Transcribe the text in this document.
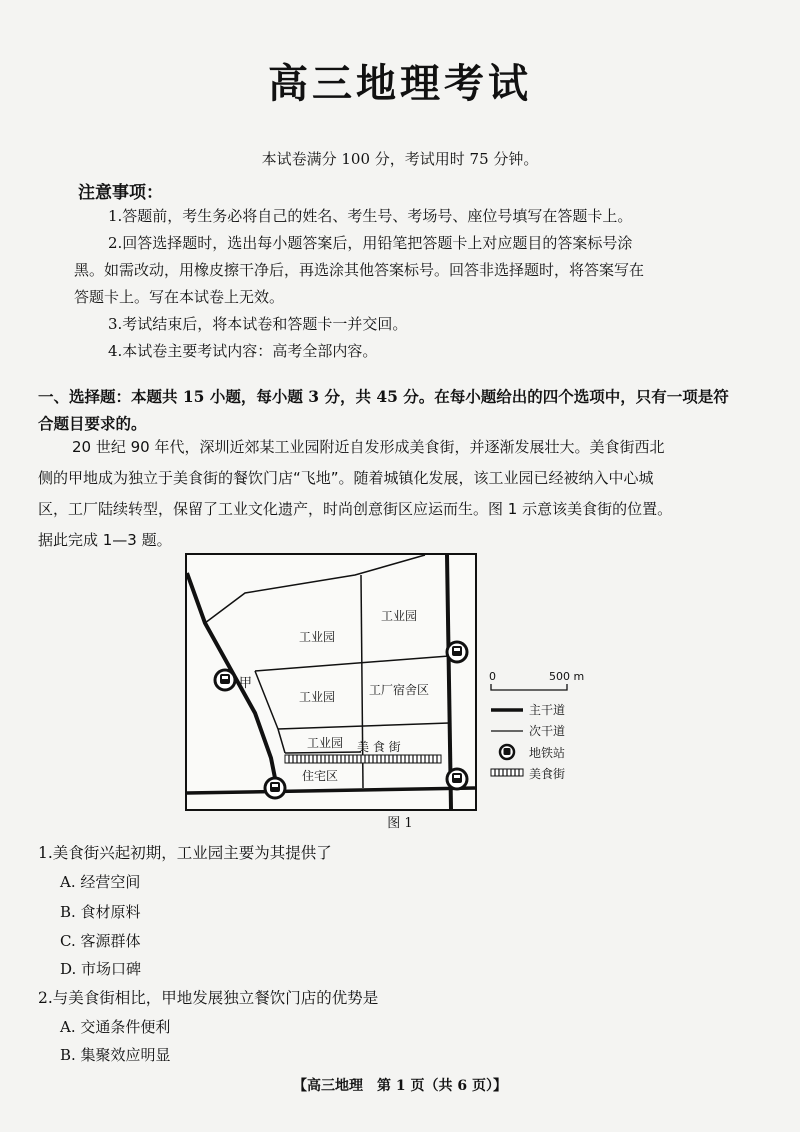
高三地理考试
本试卷满分 100 分，考试用时 75 分钟。
注意事项：
1.答题前，考生务必将自己的姓名、考生号、考场号、座位号填写在答题卡上。
2.回答选择题时，选出每小题答案后，用铅笔把答题卡上对应题目的答案标号涂
黑。如需改动，用橡皮擦干净后，再选涂其他答案标号。回答非选择题时，将答案写在
答题卡上。写在本试卷上无效。
3.考试结束后，将本试卷和答题卡一并交回。
4.本试卷主要考试内容：高考全部内容。
一、选择题：本题共 15 小题，每小题 3 分，共 45 分。在每小题给出的四个选项中，只有一项是符合题目要求的。
20 世纪 90 年代，深圳近郊某工业园附近自发形成美食街，并逐渐发展壮大。美食街西北
侧的甲地成为独立于美食街的餐饮门店“飞地”。随着城镇化发展，该工业园已经被纳入中心城
区，工厂陆续转型，保留了工业文化遗产，时尚创意街区应运而生。图 1 示意该美食街的位置。
据此完成 1—3 题。
工业园
工业园
工厂宿舍区
工业园
工业园 美 食 街
甲
住宅区
0	500 m
主干道
次干道
地铁站
美食街
图 1
1.美食街兴起初期，工业园主要为其提供了
A. 经营空间
B. 食材原料
C. 客源群体
D. 市场口碑
2.与美食街相比，甲地发展独立餐饮门店的优势是
A. 交通条件便利
B. 集聚效应明显
【高三地理　第 1 页（共 6 页）】
